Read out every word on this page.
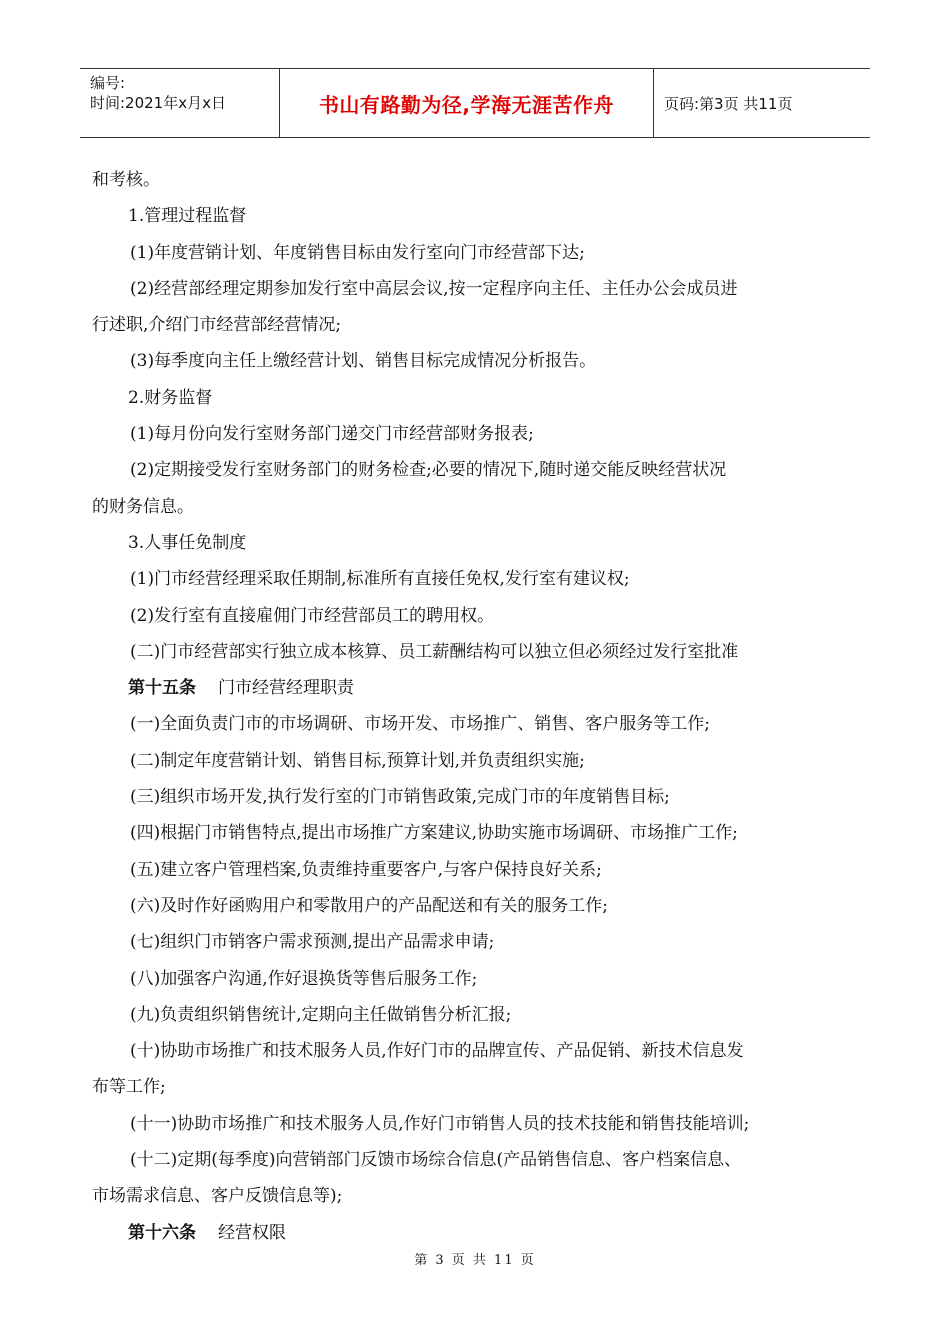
编号:
时间:2021年x月x日	书山有路勤为径,学海无涯苦作舟	页码:第3页 共11页
和考核。
1.管理过程监督
(1)年度营销计划、年度销售目标由发行室向门市经营部下达;
(2)经营部经理定期参加发行室中高层会议,按一定程序向主任、主任办公会成员进
行述职,介绍门市经营部经营情况;
(3)每季度向主任上缴经营计划、销售目标完成情况分析报告。
2.财务监督
(1)每月份向发行室财务部门递交门市经营部财务报表;
(2)定期接受发行室财务部门的财务检查;必要的情况下,随时递交能反映经营状况
的财务信息。
3.人事任免制度
(1)门市经营经理采取任期制,标准所有直接任免权,发行室有建议权;
(2)发行室有直接雇佣门市经营部员工的聘用权。
(二)门市经营部实行独立成本核算、员工薪酬结构可以独立但必须经过发行室批准
第十五条 门市经营经理职责
(一)全面负责门市的市场调研、市场开发、市场推广、销售、客户服务等工作;
(二)制定年度营销计划、销售目标,预算计划,并负责组织实施;
(三)组织市场开发,执行发行室的门市销售政策,完成门市的年度销售目标;
(四)根据门市销售特点,提出市场推广方案建议,协助实施市场调研、市场推广工作;
(五)建立客户管理档案,负责维持重要客户,与客户保持良好关系;
(六)及时作好函购用户和零散用户的产品配送和有关的服务工作;
(七)组织门市销客户需求预测,提出产品需求申请;
(八)加强客户沟通,作好退换货等售后服务工作;
(九)负责组织销售统计,定期向主任做销售分析汇报;
(十)协助市场推广和技术服务人员,作好门市的品牌宣传、产品促销、新技术信息发
布等工作;
(十一)协助市场推广和技术服务人员,作好门市销售人员的技术技能和销售技能培训;
(十二)定期(每季度)向营销部门反馈市场综合信息(产品销售信息、客户档案信息、
市场需求信息、客户反馈信息等);
第十六条 经营权限
第 3 页 共 11 页
